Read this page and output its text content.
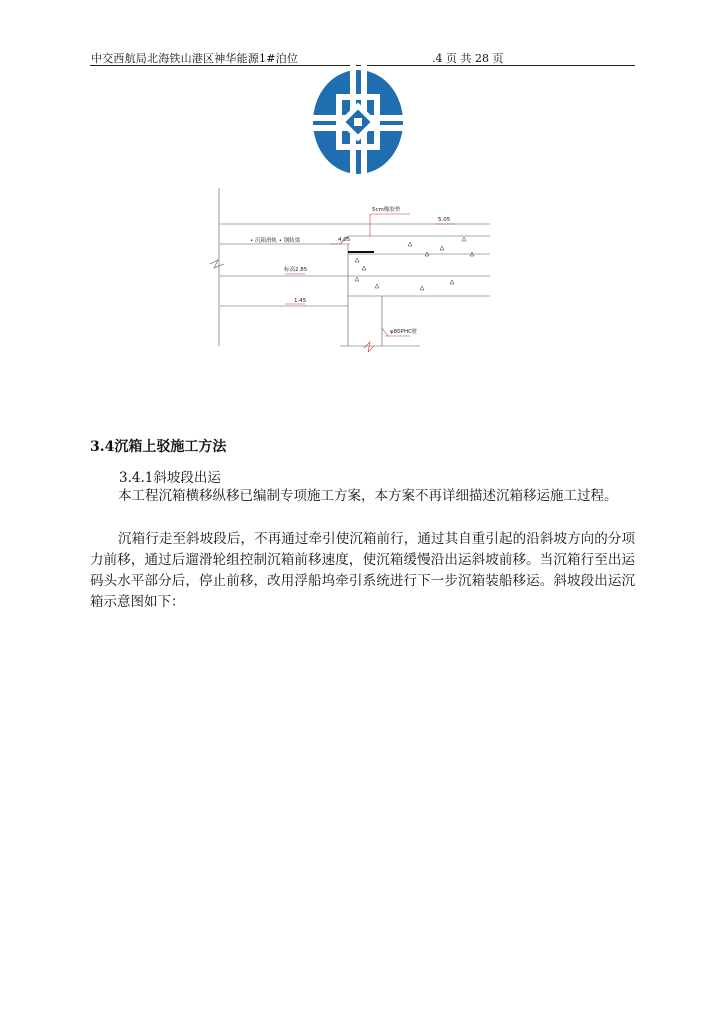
中交西航局北海铁山港区神华能源1#泊位	.4 页 共 28 页
5cm橡胶垫
5.05
4.05
• 沉箱滑轨 • 钢轨梁
标高2.85
1.45
φ80PHC桩
3.4沉箱上驳施工方法
3.4.1斜坡段出运
本工程沉箱横移纵移已编制专项施工方案，本方案不再详细描述沉箱移运施工过程。
沉箱行走至斜坡段后，不再通过牵引使沉箱前行，通过其自重引起的沿斜坡方向的分项力前移，通过后遛滑轮组控制沉箱前移速度，使沉箱缓慢沿出运斜坡前移。当沉箱行至出运码头水平部分后，停止前移，改用浮船坞牵引系统进行下一步沉箱装船移运。斜坡段出运沉箱示意图如下：
